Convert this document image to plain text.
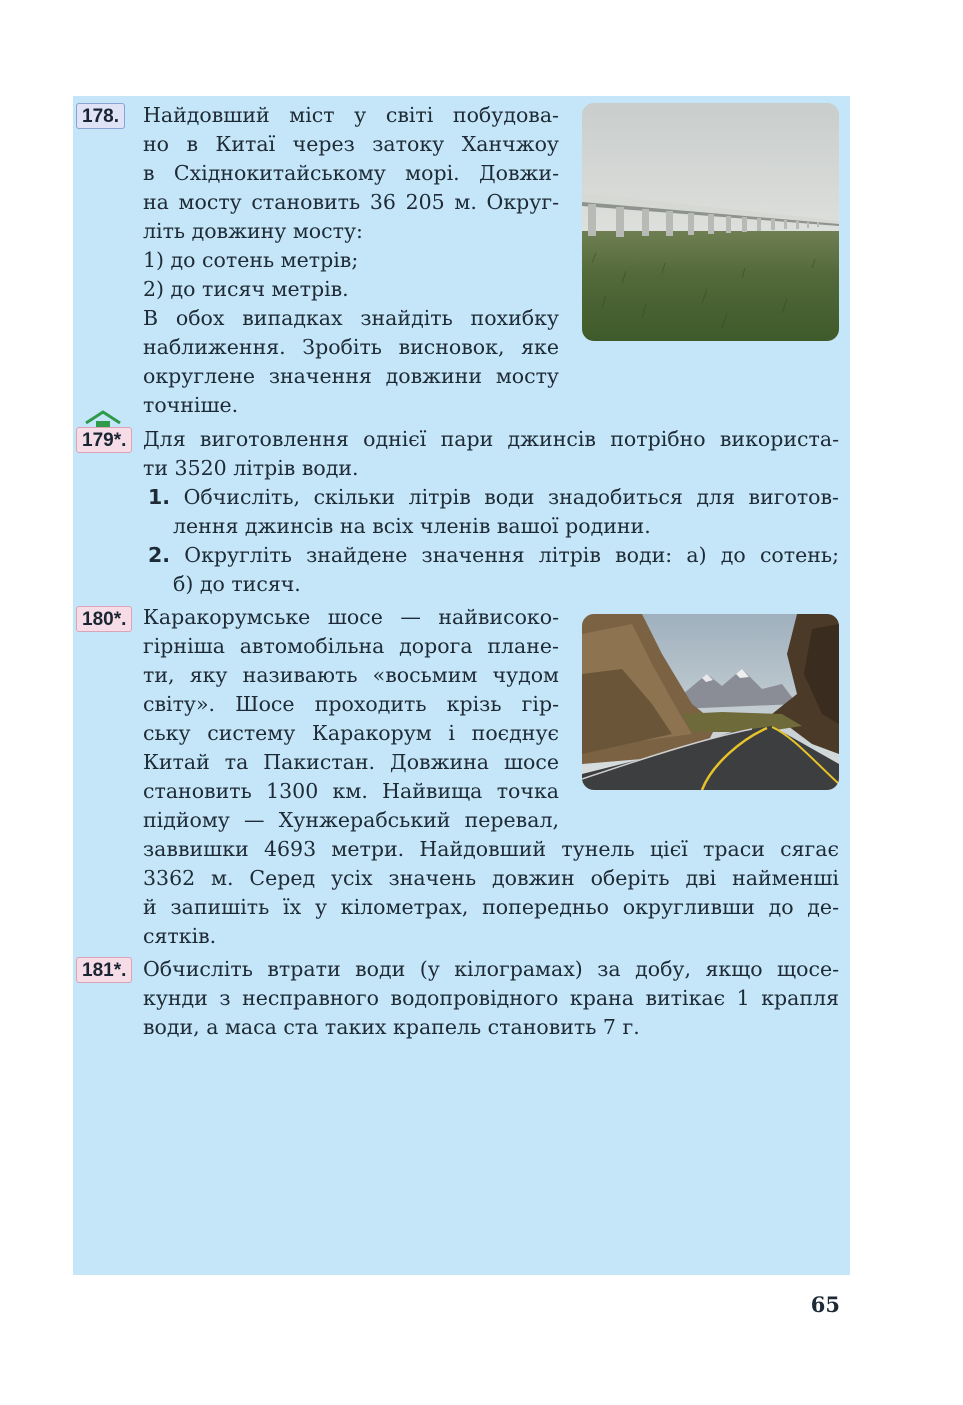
178. Найдовший міст у світі побудова-
но в Китаї через затоку Ханчжоу
в Східнокитайському морі. Довжи-
на мосту становить 36 205 м. Округ-
літь довжину мосту:
1) до сотень метрів;
2) до тисяч метрів.
В обох випадках знайдіть похибку
наближення. Зробіть висновок, яке
округлене значення довжини мосту
точніше.
179*. Для виготовлення однієї пари джинсів потрібно використа-
ти 3520 літрів води.
1. Обчисліть, скільки літрів води знадобиться для виготов-
лення джинсів на всіх членів вашої родини.
2. Округліть знайдене значення літрів води: а) до сотень;
б) до тисяч.
180*. Каракорумське шосе — найвисоко-
гірніша автомобільна дорога плане-
ти, яку називають «восьмим чудом
світу». Шосе проходить крізь гір-
ську систему Каракорум і поєднує
Китай та Пакистан. Довжина шосе
становить 1300 км. Найвища точка
підйому — Хунжерабський перевал,
заввишки 4693 метри. Найдовший тунель цієї траси сягає
3362 м. Серед усіх значень довжин оберіть дві найменші
й запишіть їх у кілометрах, попередньо округливши до де-
сятків.
181*. Обчисліть втрати води (у кілограмах) за добу, якщо щосе-
кунди з несправного водопровідного крана витікає 1 крапля
води, а маса ста таких крапель становить 7 г.
65
